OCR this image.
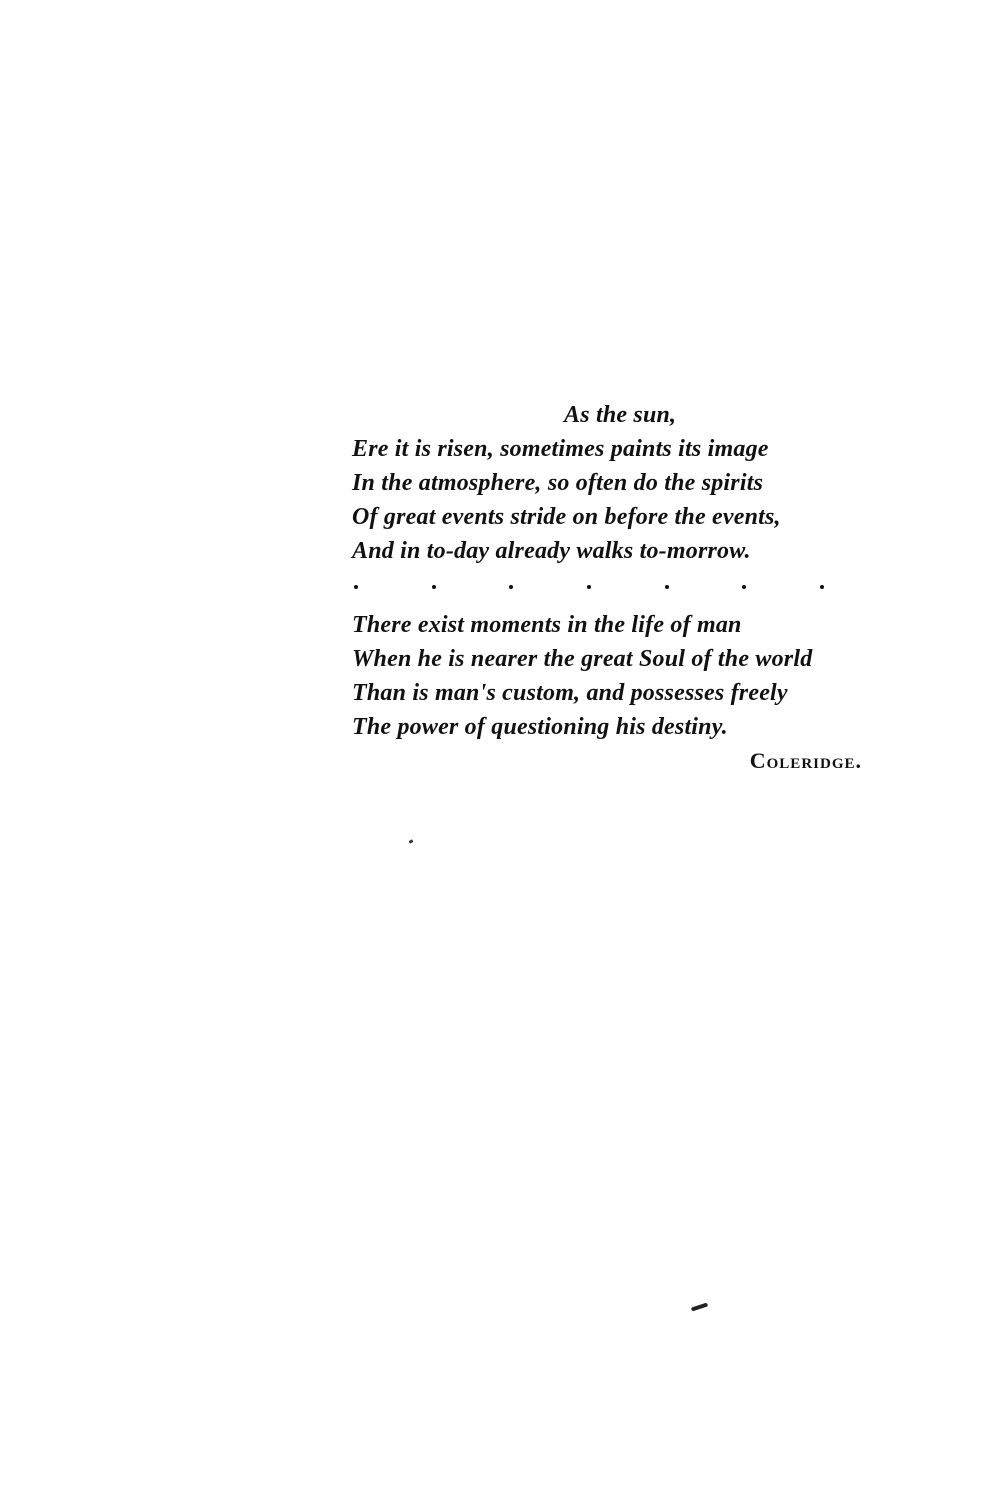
As the sun,
Ere it is risen, sometimes paints its image
In the atmosphere, so often do the spirits
Of great events stride on before the events,
And in to-day already walks to-morrow.
There exist moments in the life of man
When he is nearer the great Soul of the world
Than is man's custom, and possesses freely
The power of questioning his destiny.
Coleridge.
